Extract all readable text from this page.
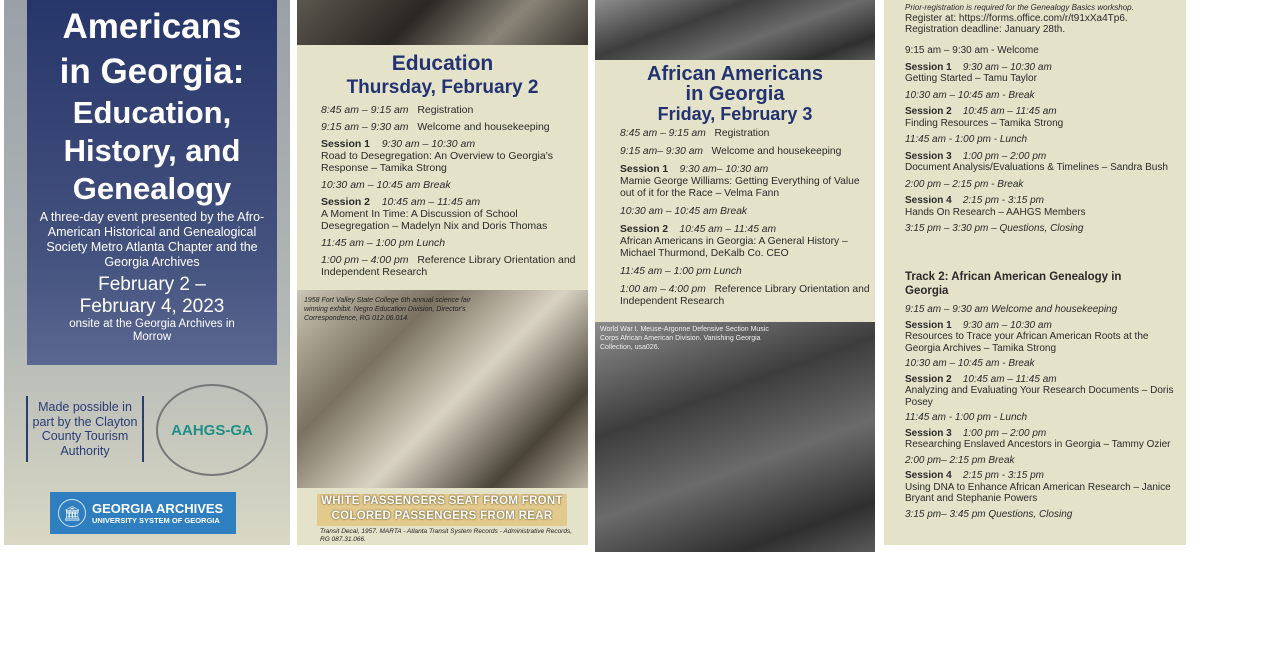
Americans
in Georgia:
Education,
History, and
Genealogy
A three-day event presented by the Afro-American Historical and Genealogical Society Metro Atlanta Chapter and the Georgia Archives
February 2 –
February 4, 2023
onsite at the Georgia Archives in Morrow
Made possible in part by the Clayton County Tourism Authority
AAHGS-GA
🏛 GEORGIA ARCHIVES
UNIVERSITY SYSTEM OF GEORGIA
Education
Thursday, February 2

8:45 am – 9:15 am Registration

9:15 am – 9:30 am Welcome and housekeeping

Session 1 9:30 am – 10:30 am
Road to Desegregation: An Overview to Georgia's Response – Tamika Strong

10:30 am – 10:45 am Break

Session 2 10:45 am – 11:45 am
A Moment In Time: A Discussion of School Desegregation – Madelyn Nix and Doris Thomas

11:45 am – 1:00 pm Lunch

1:00 pm – 4:00 pm Reference Library Orientation and Independent Research

1958 Fort Valley State College 6th annual science fair winning exhibit. Negro Education Division, Director's Correspondence, RG 012.06.014.
WHITE PASSENGERS SEAT FROM FRONT
COLORED PASSENGERS FROM REAR
Transit Decal, 1957. MARTA - Atlanta Transit System Records - Administrative Records, RG 087.31.066.
African Americans
in Georgia
Friday, February 3

8:45 am – 9:15 am Registration

9:15 am– 9:30 am Welcome and housekeeping

Session 1 9:30 am– 10:30 am
Mamie George Williams: Getting Everything of Value out of it for the Race – Velma Fann

10:30 am – 10:45 am Break

Session 2 10:45 am – 11:45 am
African Americans in Georgia: A General History – Michael Thurmond, DeKalb Co. CEO

11:45 am – 1:00 pm Lunch

1:00 am – 4:00 pm Reference Library Orientation and Independent Research

World War I. Meuse-Argonne Defensive Section Music Corps African American Division. Vanishing Georgia Collection, usa026.
Prior-registration is required for the Genealogy Basics workshop.
Register at: https://forms.office.com/r/t91xXa4Tp6.
Registration deadline: January 28th.

9:15 am – 9:30 am - Welcome

Session 1 9:30 am – 10:30 am
Getting Started – Tamu Taylor

10:30 am – 10:45 am - Break

Session 2 10:45 am – 11:45 am
Finding Resources – Tamika Strong

11:45 am - 1:00 pm - Lunch

Session 3 1:00 pm – 2:00 pm
Document Analysis/Evaluations & Timelines – Sandra Bush

2:00 pm – 2:15 pm - Break

Session 4 2:15 pm - 3:15 pm
Hands On Research – AAHGS Members

3:15 pm – 3:30 pm – Questions, Closing

Track 2: African American Genealogy in Georgia

9:15 am – 9:30 am Welcome and housekeeping

Session 1 9:30 am – 10:30 am
Resources to Trace your African American Roots at the Georgia Archives – Tamika Strong

10:30 am – 10:45 am - Break

Session 2 10:45 am – 11:45 am
Analyzing and Evaluating Your Research Documents – Doris Posey

11:45 am - 1:00 pm - Lunch

Session 3 1:00 pm – 2:00 pm
Researching Enslaved Ancestors in Georgia – Tammy Ozier

2:00 pm– 2:15 pm Break

Session 4 2:15 pm - 3:15 pm
Using DNA to Enhance African American Research – Janice Bryant and Stephanie Powers

3:15 pm– 3:45 pm Questions, Closing
